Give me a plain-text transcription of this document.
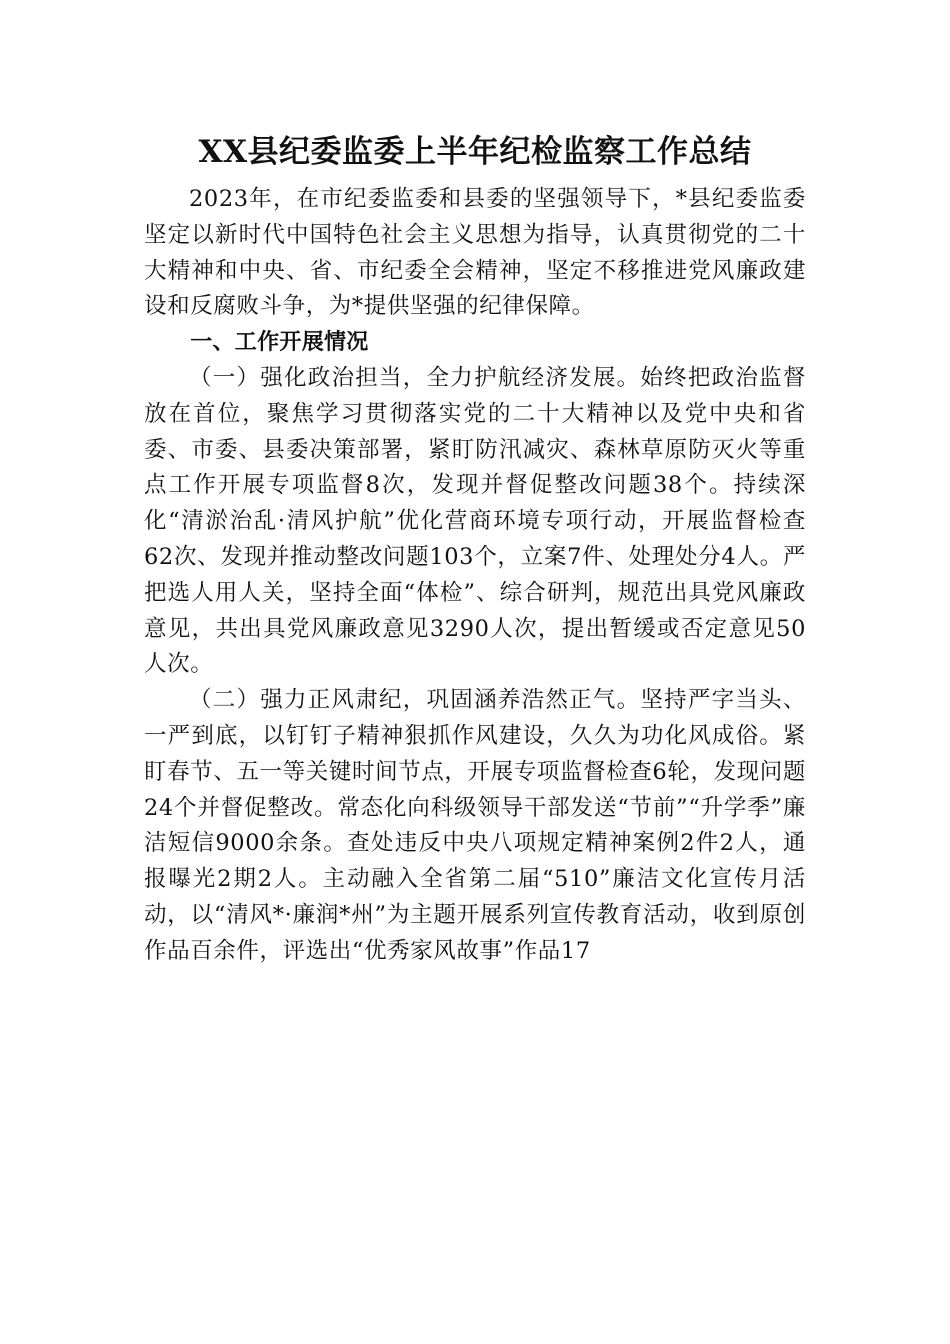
XX县纪委监委上半年纪检监察工作总结

2023年，在市纪委监委和县委的坚强领导下，*县纪委监委坚定以新时代中国特色社会主义思想为指导，认真贯彻党的二十大精神和中央、省、市纪委全会精神，坚定不移推进党风廉政建设和反腐败斗争，为*提供坚强的纪律保障。

一、工作开展情况

（一）强化政治担当，全力护航经济发展。始终把政治监督放在首位，聚焦学习贯彻落实党的二十大精神以及党中央和省委、市委、县委决策部署，紧盯防汛减灾、森林草原防灭火等重点工作开展专项监督8次，发现并督促整改问题38个。持续深化“清淤治乱·清风护航”优化营商环境专项行动，开展监督检查62次、发现并推动整改问题103个，立案7件、处理处分4人。严把选人用人关，坚持全面“体检”、综合研判，规范出具党风廉政意见，共出具党风廉政意见3290人次，提出暂缓或否定意见50人次。

（二）强力正风肃纪，巩固涵养浩然正气。坚持严字当头、一严到底，以钉钉子精神狠抓作风建设，久久为功化风成俗。紧盯春节、五一等关键时间节点，开展专项监督检查6轮，发现问题24个并督促整改。常态化向科级领导干部发送“节前”“升学季”廉洁短信9000余条。查处违反中央八项规定精神案例2件2人，通报曝光2期2人。主动融入全省第二届“510”廉洁文化宣传月活动，以“清风*·廉润*州”为主题开展系列宣传教育活动，收到原创作品百余件，评选出“优秀家风故事”作品17
